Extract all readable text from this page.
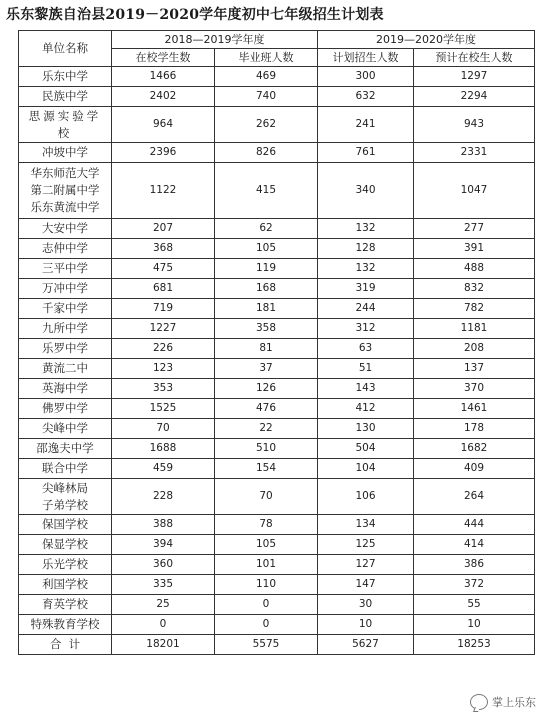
乐东黎族自治县2019－2020学年度初中七年级招生计划表
单位名称	2018—2019学年度		2019—2020学年度	
	在校学生数	毕业班人数	计划招生人数	预计在校生人数
乐东中学	1466	469	300	1297
民族中学	2402	740	632	2294
思源实验学
校	964	262	241	943
冲坡中学	2396	826	761	2331
华东师范大学
第二附属中学
乐东黄流中学	1122	415	340	1047
大安中学	207	62	132	277
志仲中学	368	105	128	391
三平中学	475	119	132	488
万冲中学	681	168	319	832
千家中学	719	181	244	782
九所中学	1227	358	312	1181
乐罗中学	226	81	63	208
黄流二中	123	37	51	137
英海中学	353	126	143	370
佛罗中学	1525	476	412	1461
尖峰中学	70	22	130	178
邵逸夫中学	1688	510	504	1682
联合中学	459	154	104	409
尖峰林局
子弟学校	228	70	106	264
保国学校	388	78	134	444
保显学校	394	105	125	414
乐光学校	360	101	127	386
利国学校	335	110	147	372
育英学校	25	0	30	55
特殊教育学校	0	0	10	10
合  计	18201	5575	5627	18253
掌上乐东
